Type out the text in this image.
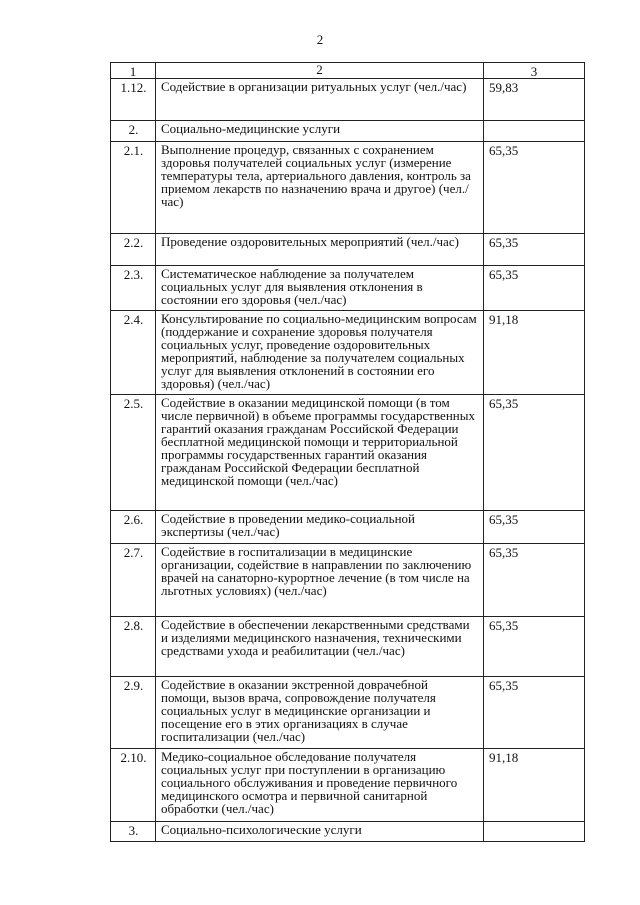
2
1	2	3
1.12.	Содействие в организации ритуальных услуг (чел./час)	59,83
2.	Социально-медицинские услуги	
2.1.	Выполнение процедур, связанных с сохранением здоровья получателей социальных услуг (измерение температуры тела, артериального давления, контроль за приемом лекарств по назначению врача и другое) (чел./час)	65,35
2.2.	Проведение оздоровительных мероприятий (чел./час)	65,35
2.3.	Систематическое наблюдение за получателем социальных услуг для выявления отклонения в состоянии его здоровья (чел./час)	65,35
2.4.	Консультирование по социально-медицинским вопросам (поддержание и сохранение здоровья получателя социальных услуг, проведение оздоровительных мероприятий, наблюдение за получателем социальных услуг для выявления отклонений в состоянии его здоровья) (чел./час)	91,18
2.5.	Содействие в оказании медицинской помощи (в том числе первичной) в объеме программы государственных гарантий оказания гражданам Российской Федерации бесплатной медицинской помощи и территориальной программы государственных гарантий оказания гражданам Российской Федерации бесплатной медицинской помощи (чел./час)	65,35
2.6.	Содействие в проведении медико-социальной экспертизы (чел./час)	65,35
2.7.	Содействие в госпитализации в медицинские организации, содействие в направлении по заключению врачей на санаторно-курортное лечение (в том числе на льготных условиях) (чел./час)	65,35
2.8.	Содействие в обеспечении лекарственными средствами и изделиями медицинского назначения, техническими средствами ухода и реабилитации (чел./час)	65,35
2.9.	Содействие в оказании экстренной доврачебной помощи, вызов врача, сопровождение получателя социальных услуг в медицинские организации и посещение его в этих организациях в случае госпитализации (чел./час)	65,35
2.10.	Медико-социальное обследование получателя социальных услуг при поступлении в организацию социального обслуживания и проведение первичного медицинского осмотра и первичной санитарной обработки (чел./час)	91,18
3.	Социально-психологические услуги	
